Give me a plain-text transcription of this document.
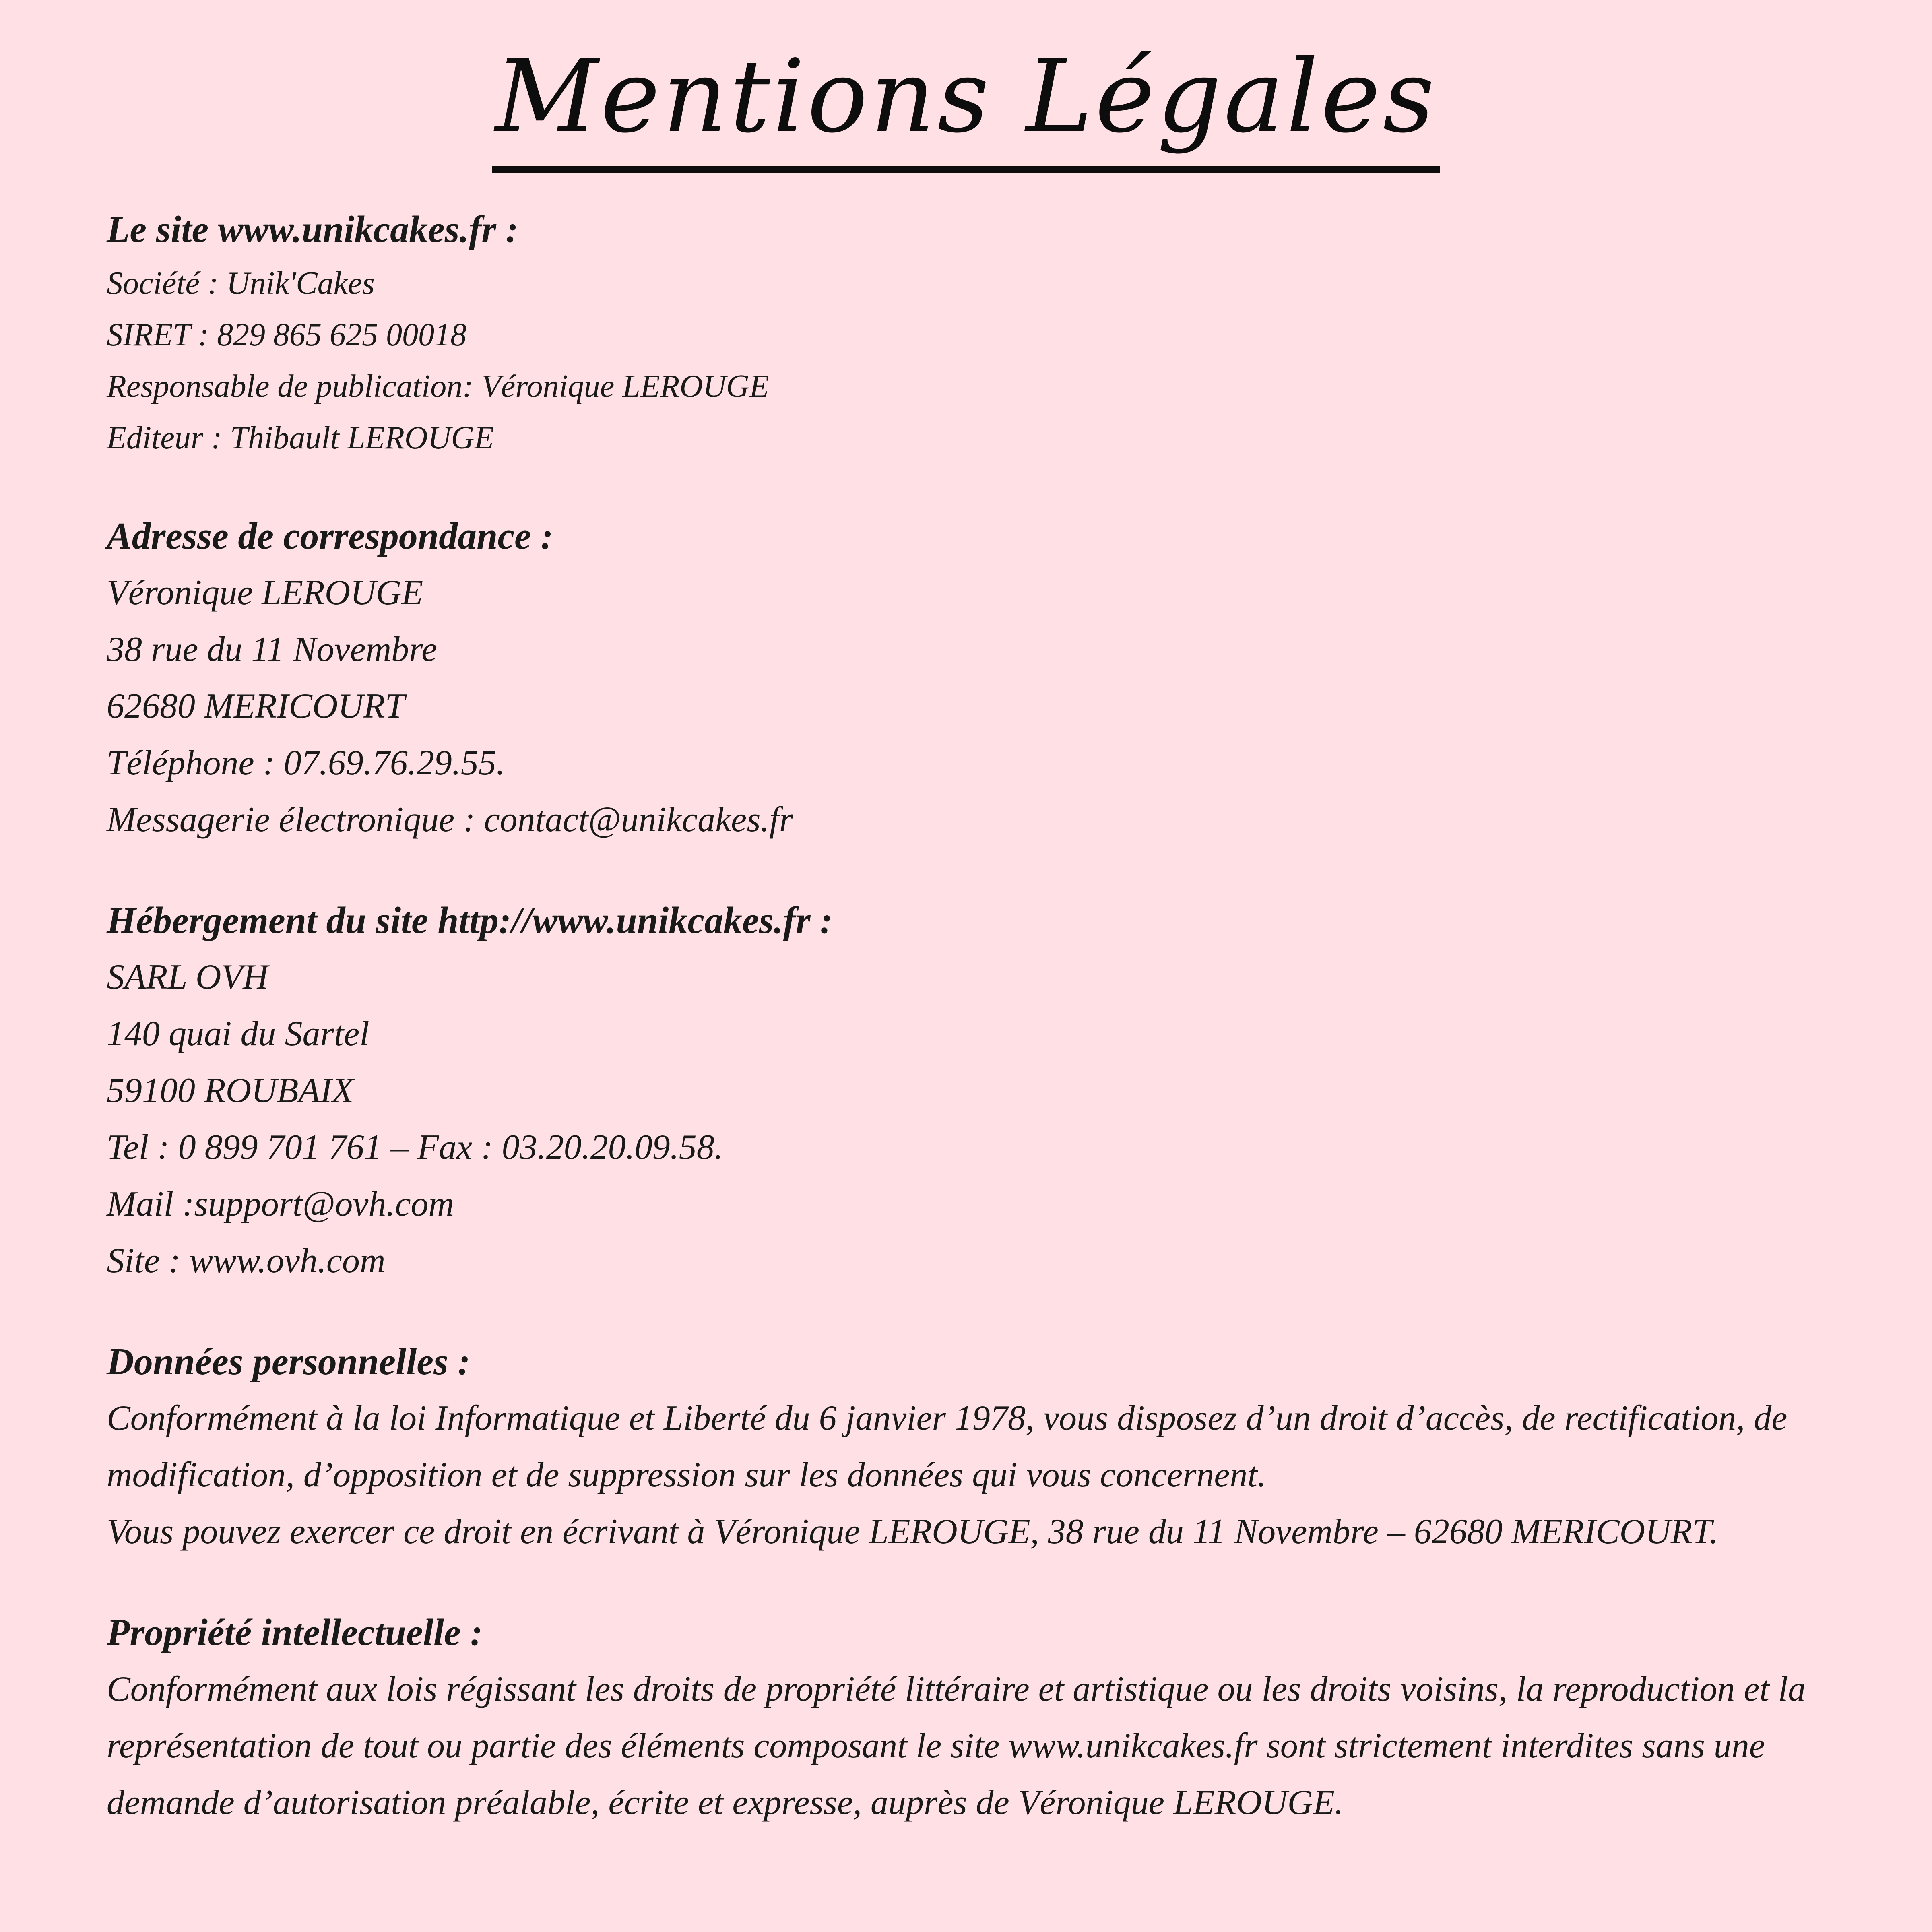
Mentions Légales

Le site www.unikcakes.fr :

Société : Unik'Cakes

SIRET : 829 865 625 00018

Responsable de publication: Véronique LEROUGE

Editeur : Thibault LEROUGE

Adresse de correspondance :

Véronique LEROUGE

38 rue du 11 Novembre

62680 MERICOURT

Téléphone : 07.69.76.29.55.

Messagerie électronique : contact@unikcakes.fr

Hébergement du site http://www.unikcakes.fr :

SARL OVH

140 quai du Sartel

59100 ROUBAIX

Tel : 0 899 701 761 – Fax : 03.20.20.09.58.

Mail :support@ovh.com

Site : www.ovh.com

Données personnelles :

Conformément à la loi Informatique et Liberté du 6 janvier 1978, vous disposez d’un droit d’accès, de rectification, de modification, d’opposition et de suppression sur les données qui vous concernent.

Vous pouvez exercer ce droit en écrivant à Véronique LEROUGE, 38 rue du 11 Novembre – 62680 MERICOURT.

Propriété intellectuelle :

Conformément aux lois régissant les droits de propriété littéraire et artistique ou les droits voisins, la reproduction et la représentation de tout ou partie des éléments composant le site www.unikcakes.fr sont strictement interdites sans une demande d’autorisation préalable, écrite et expresse, auprès de Véronique LEROUGE.
